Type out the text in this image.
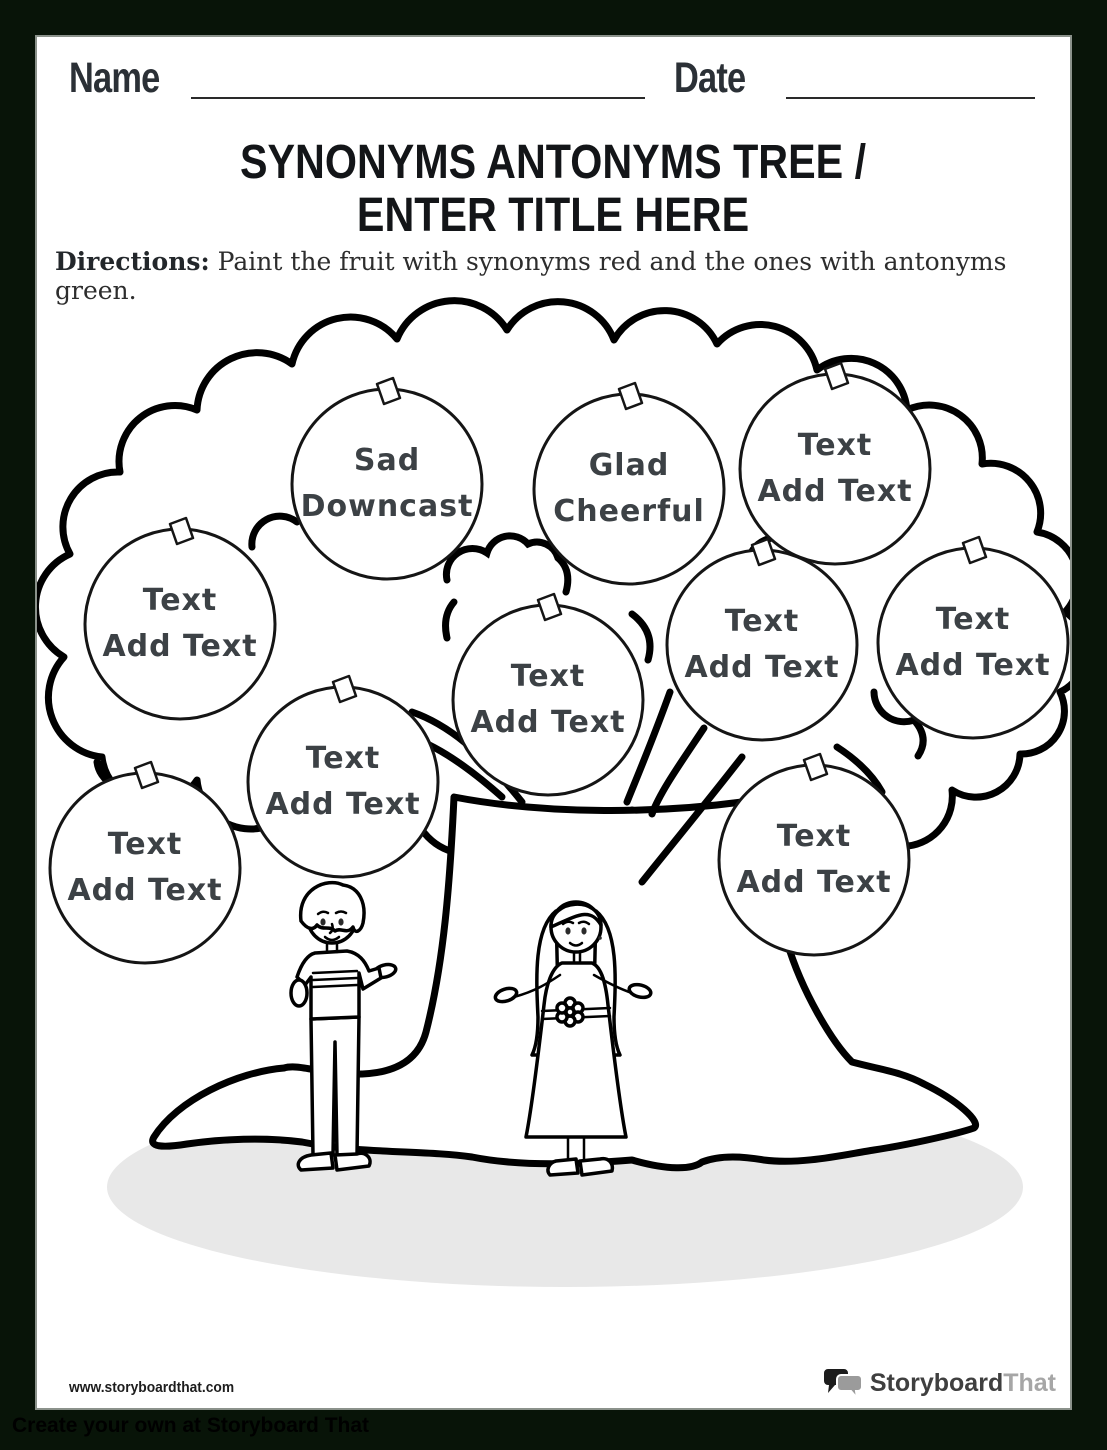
Name	Date
SYNONYMS ANTONYMS TREE /
ENTER TITLE HERE
Directions: Paint the fruit with synonyms red and the ones with antonyms green.
Sad
Downcast
Glad
Cheerful
Text
Add Text
Text
Add Text
Text
Add Text
Text
Add Text
Text
Add Text
Text
Add Text
Text
Add Text
Text
Add Text
www.storyboardthat.com	StoryboardThat
Create your own at Storyboard That
